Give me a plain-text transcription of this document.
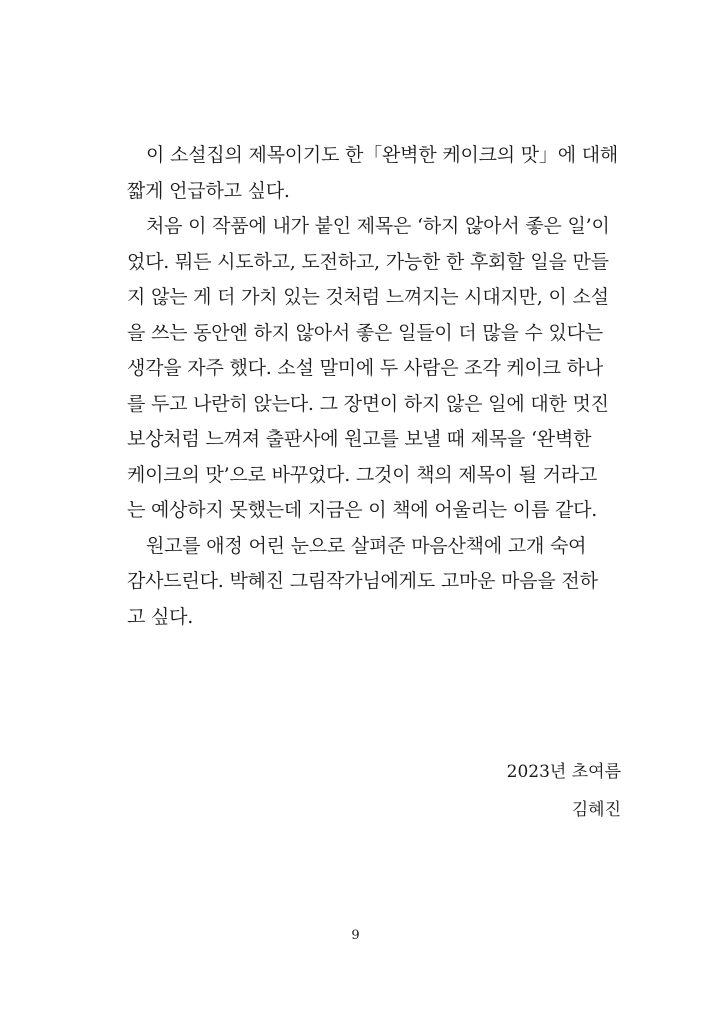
이 소설집의 제목이기도 한「완벽한 케이크의 맛」에 대해
짧게 언급하고 싶다.
처음 이 작품에 내가 붙인 제목은 ‘하지 않아서 좋은 일’이
었다. 뭐든 시도하고, 도전하고, 가능한 한 후회할 일을 만들
지 않는 게 더 가치 있는 것처럼 느껴지는 시대지만, 이 소설
을 쓰는 동안엔 하지 않아서 좋은 일들이 더 많을 수 있다는
생각을 자주 했다. 소설 말미에 두 사람은 조각 케이크 하나
를 두고 나란히 앉는다. 그 장면이 하지 않은 일에 대한 멋진
보상처럼 느껴져 출판사에 원고를 보낼 때 제목을 ‘완벽한
케이크의 맛’으로 바꾸었다. 그것이 책의 제목이 될 거라고
는 예상하지 못했는데 지금은 이 책에 어울리는 이름 같다.
원고를 애정 어린 눈으로 살펴준 마음산책에 고개 숙여
감사드린다. 박혜진 그림작가님에게도 고마운 마음을 전하
고 싶다.
2023년 초여름
김혜진
9
